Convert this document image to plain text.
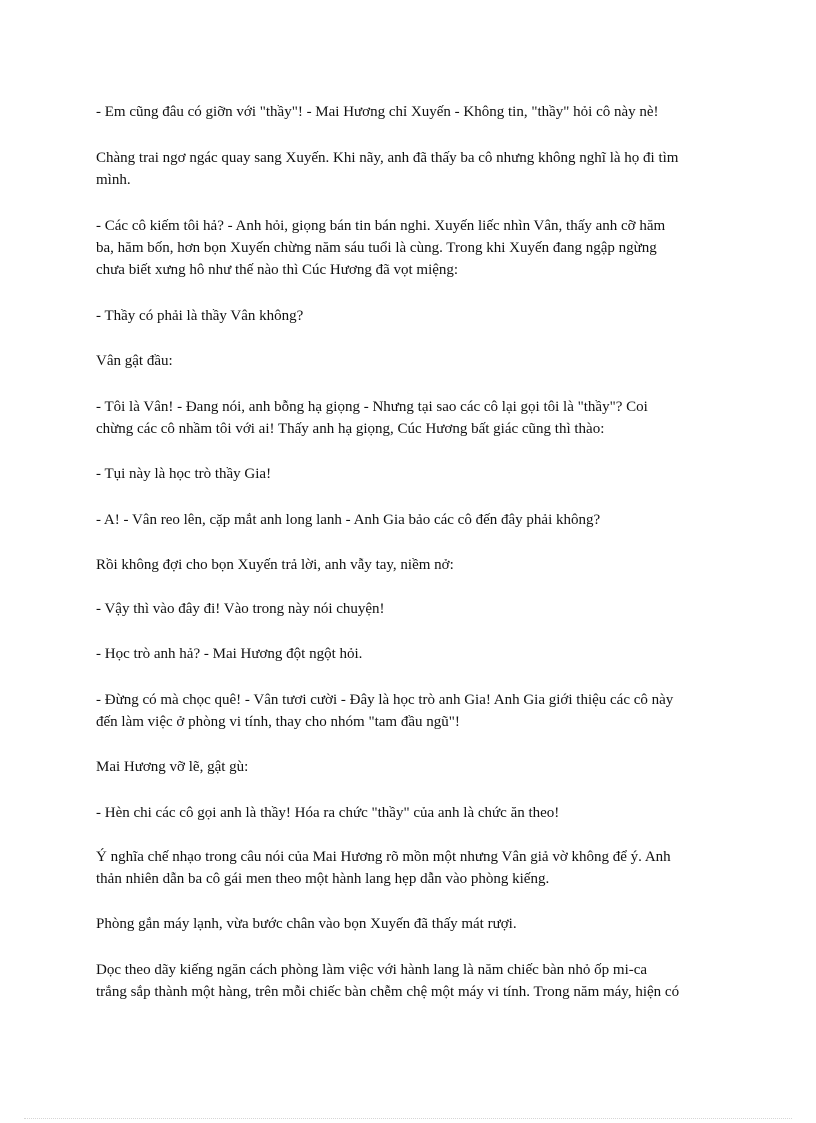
- Em cũng đâu có giỡn với "thầy"! - Mai Hương chỉ Xuyến - Không tin, "thầy" hỏi cô này nè!

Chàng trai ngơ ngác quay sang Xuyến. Khi nãy, anh đã thấy ba cô nhưng không nghĩ là họ đi tìm
mình.

- Các cô kiếm tôi hả? - Anh hỏi, giọng bán tin bán nghi. Xuyến liếc nhìn Vân, thấy anh cỡ hăm
ba, hăm bốn, hơn bọn Xuyến chừng năm sáu tuổi là cùng. Trong khi Xuyến đang ngập ngừng
chưa biết xưng hô như thế nào thì Cúc Hương đã vọt miệng:

- Thầy có phải là thầy Vân không?

Vân gật đầu:

- Tôi là Vân! - Đang nói, anh bỗng hạ giọng - Nhưng tại sao các cô lại gọi tôi là "thầy"? Coi
chừng các cô nhầm tôi với ai! Thấy anh hạ giọng, Cúc Hương bất giác cũng thì thào:

- Tụi này là học trò thầy Gia!

- A! - Vân reo lên, cặp mắt anh long lanh - Anh Gia bảo các cô đến đây phải không?

Rồi không đợi cho bọn Xuyến trả lời, anh vẫy tay, niềm nở:

- Vậy thì vào đây đi! Vào trong này nói chuyện!

- Học trò anh hả? - Mai Hương đột ngột hỏi.

- Đừng có mà chọc quê! - Vân tươi cười - Đây là học trò anh Gia! Anh Gia giới thiệu các cô này
đến làm việc ở phòng vi tính, thay cho nhóm "tam đầu ngũ"!

Mai Hương vỡ lẽ, gật gù:

- Hèn chi các cô gọi anh là thầy! Hóa ra chức "thầy" của anh là chức ăn theo!

Ý nghĩa chế nhạo trong câu nói của Mai Hương rõ mồn một nhưng Vân giả vờ không để ý. Anh
thản nhiên dẫn ba cô gái men theo một hành lang hẹp dẫn vào phòng kiếng.

Phòng gắn máy lạnh, vừa bước chân vào bọn Xuyến đã thấy mát rượi.

Dọc theo dãy kiếng ngăn cách phòng làm việc với hành lang là năm chiếc bàn nhỏ ốp mi-ca
trắng sắp thành một hàng, trên mỗi chiếc bàn chễm chệ một máy vi tính. Trong năm máy, hiện có
